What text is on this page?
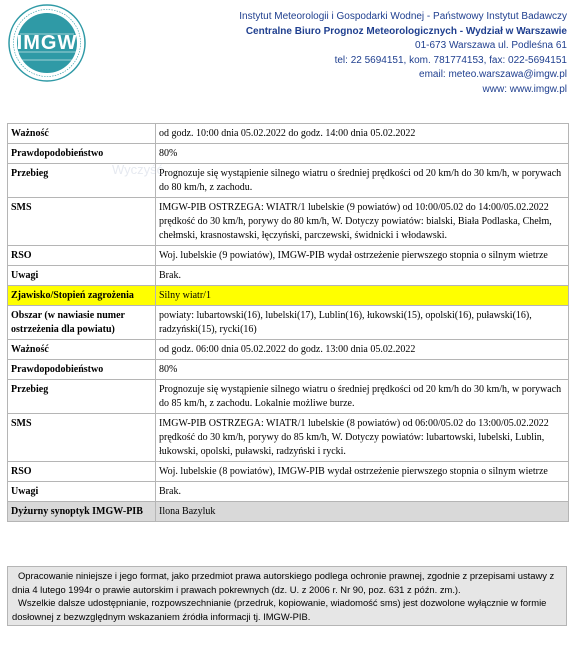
IMGW
Instytut Meteorologii i Gospodarki Wodnej - Państwowy Instytut Badawczy
Centralne Biuro Prognoz Meteorologicznych - Wydział w Warszawie
01-673 Warszawa ul. Podleśna 61
tel: 22 5694151, kom. 781774153, fax: 022-5694151
email: meteo.warszawa@imgw.pl
www: www.imgw.pl
Ważność	od godz. 10:00 dnia 05.02.2022 do godz. 14:00 dnia 05.02.2022
Prawdopodobieństwo	80%
Przebieg	Prognozuje się wystąpienie silnego wiatru o średniej prędkości od 20 km/h do 30 km/h, w porywach do 80 km/h, z zachodu.
SMS	IMGW-PIB OSTRZEGA: WIATR/1 lubelskie (9 powiatów) od 10:00/05.02 do 14:00/05.02.2022 prędkość do 30 km/h, porywy do 80 km/h, W. Dotyczy powiatów: bialski, Biała Podlaska, Chełm, chełmski, krasnostawski, łęczyński, parczewski, świdnicki i włodawski.
RSO	Woj. lubelskie (9 powiatów), IMGW-PIB wydał ostrzeżenie pierwszego stopnia o silnym wietrze
Uwagi	Brak.
Zjawisko/Stopień zagrożenia	Silny wiatr/1
Obszar (w nawiasie numer ostrzeżenia dla powiatu)	powiaty: lubartowski(16), lubelski(17), Lublin(16), łukowski(15), opolski(16), puławski(16), radzyński(15), rycki(16)
Ważność	od godz. 06:00 dnia 05.02.2022 do godz. 13:00 dnia 05.02.2022
Prawdopodobieństwo	80%
Przebieg	Prognozuje się wystąpienie silnego wiatru o średniej prędkości od 20 km/h do 30 km/h, w porywach do 85 km/h, z zachodu. Lokalnie możliwe burze.
SMS	IMGW-PIB OSTRZEGA: WIATR/1 lubelskie (8 powiatów) od 06:00/05.02 do 13:00/05.02.2022 prędkość do 30 km/h, porywy do 85 km/h, W. Dotyczy powiatów: lubartowski, lubelski, Lublin, łukowski, opolski, puławski, radzyński i rycki.
RSO	Woj. lubelskie (8 powiatów), IMGW-PIB wydał ostrzeżenie pierwszego stopnia o silnym wietrze
Uwagi	Brak.
Dyżurny synoptyk IMGW-PIB	Ilona Bazyluk
Wyczyść

Opracowanie niniejsze i jego format, jako przedmiot prawa autorskiego podlega ochronie prawnej, zgodnie z przepisami ustawy z dnia 4 lutego 1994r o prawie autorskim i prawach pokrewnych (dz. U. z 2006 r. Nr 90, poz. 631 z późn. zm.).

Wszelkie dalsze udostępnianie, rozpowszechnianie (przedruk, kopiowanie, wiadomość sms) jest dozwolone wyłącznie w formie dosłownej z bezwzględnym wskazaniem źródła informacji tj. IMGW-PIB.
